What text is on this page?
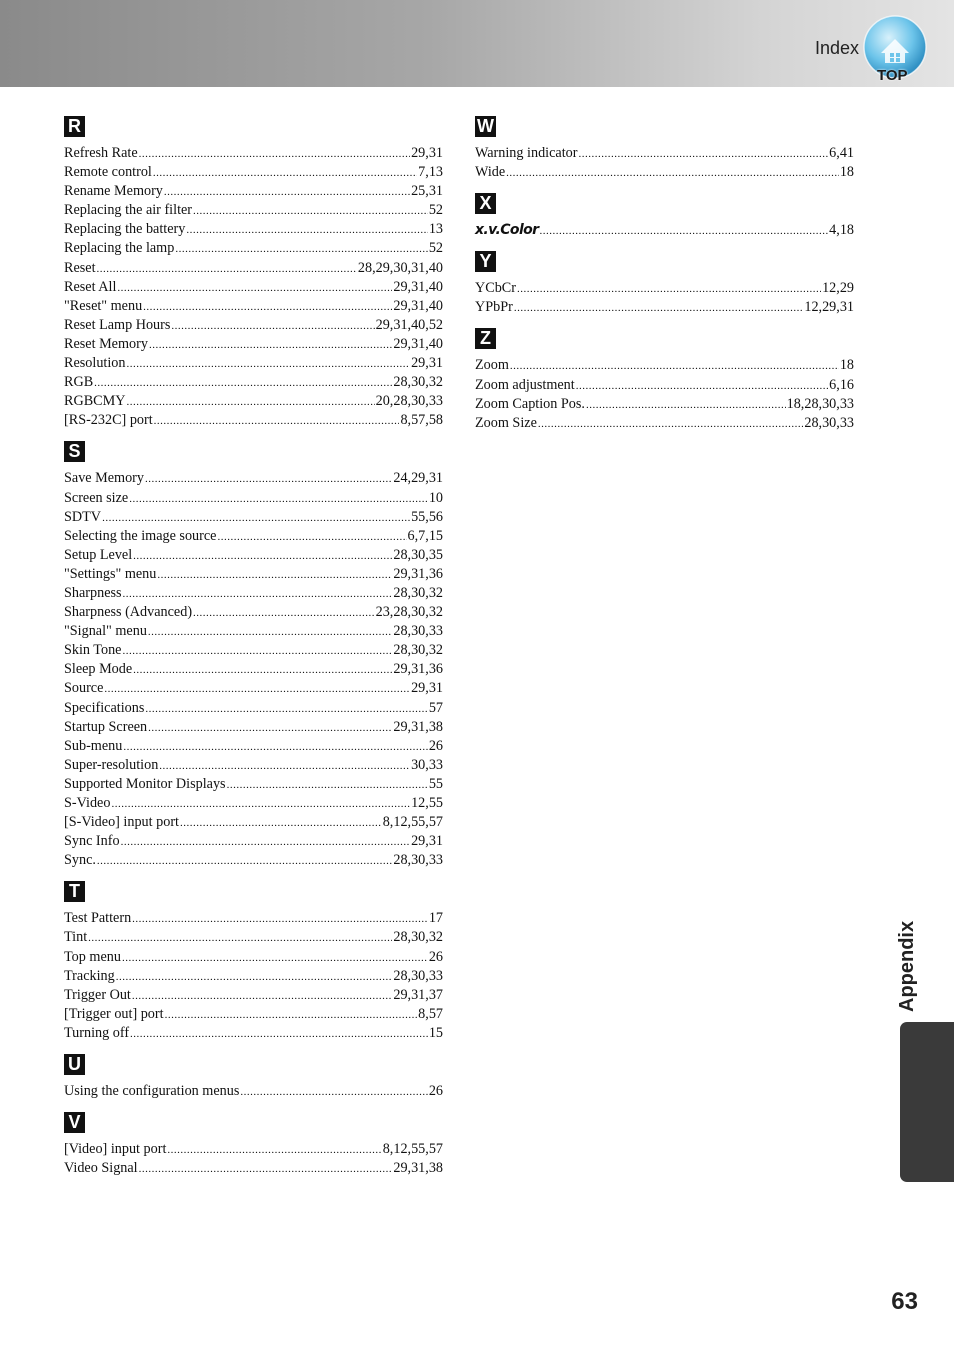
Index
TOP
R
Refresh Rate .....	29,31
Remote control .....	7,13
Rename Memory .....	25,31
Replacing the air filter .....	52
Replacing the battery .....	13
Replacing the lamp .....	52
Reset .....	28,29,30,31,40
Reset All .....	29,31,40
"Reset" menu .....	29,31,40
Reset Lamp Hours .....	29,31,40,52
Reset Memory .....	29,31,40
Resolution .....	29,31
RGB .....	28,30,32
RGBCMY .....	20,28,30,33
[RS-232C] port .....	8,57,58
S
Save Memory .....	24,29,31
Screen size .....	10
SDTV .....	55,56
Selecting the image source .....	6,7,15
Setup Level .....	28,30,35
"Settings" menu .....	29,31,36
Sharpness .....	28,30,32
Sharpness (Advanced) .....	23,28,30,32
"Signal" menu .....	28,30,33
Skin Tone .....	28,30,32
Sleep Mode .....	29,31,36
Source .....	29,31
Specifications .....	57
Startup Screen .....	29,31,38
Sub-menu .....	26
Super-resolution .....	30,33
Supported Monitor Displays .....	55
S-Video .....	12,55
[S-Video] input port .....	8,12,55,57
Sync Info .....	29,31
Sync. .....	28,30,33
T
Test Pattern .....	17
Tint .....	28,30,32
Top menu .....	26
Tracking .....	28,30,33
Trigger Out .....	29,31,37
[Trigger out] port .....	8,57
Turning off .....	15
U
Using the configuration menus .....	26
V
[Video] input port .....	8,12,55,57
Video Signal .....	29,31,38
W
Warning indicator .....	6,41
Wide .....	18
X
x.v.Color .....	4,18
Y
YCbCr .....	12,29
YPbPr .....	12,29,31
Z
Zoom .....	18
Zoom adjustment .....	6,16
Zoom Caption Pos. .....	18,28,30,33
Zoom Size .....	28,30,33
Appendix
63
